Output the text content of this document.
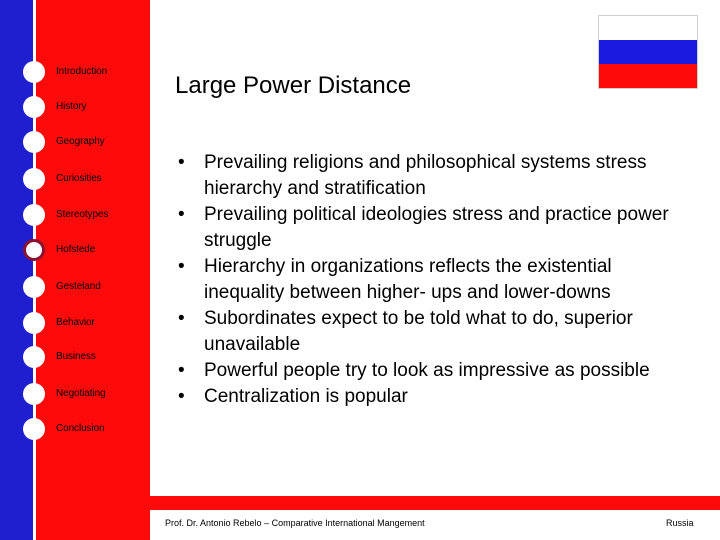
Introduction
History
Geography
Curiosities
Stereotypes
Hofstede
Gesteland
Behavior
Business
Negotiating
Conclusion
Large Power Distance
• Prevailing religions and philosophical systems stress hierarchy and stratification
• Prevailing political ideologies stress and practice power struggle
• Hierarchy in organizations reflects the existential inequality between higher- ups and lower-downs
• Subordinates expect to be told what to do, superior unavailable
• Powerful people try to look as impressive as possible
• Centralization is popular
Prof. Dr. Antonio Rebelo – Comparative International Mangement	Russia
